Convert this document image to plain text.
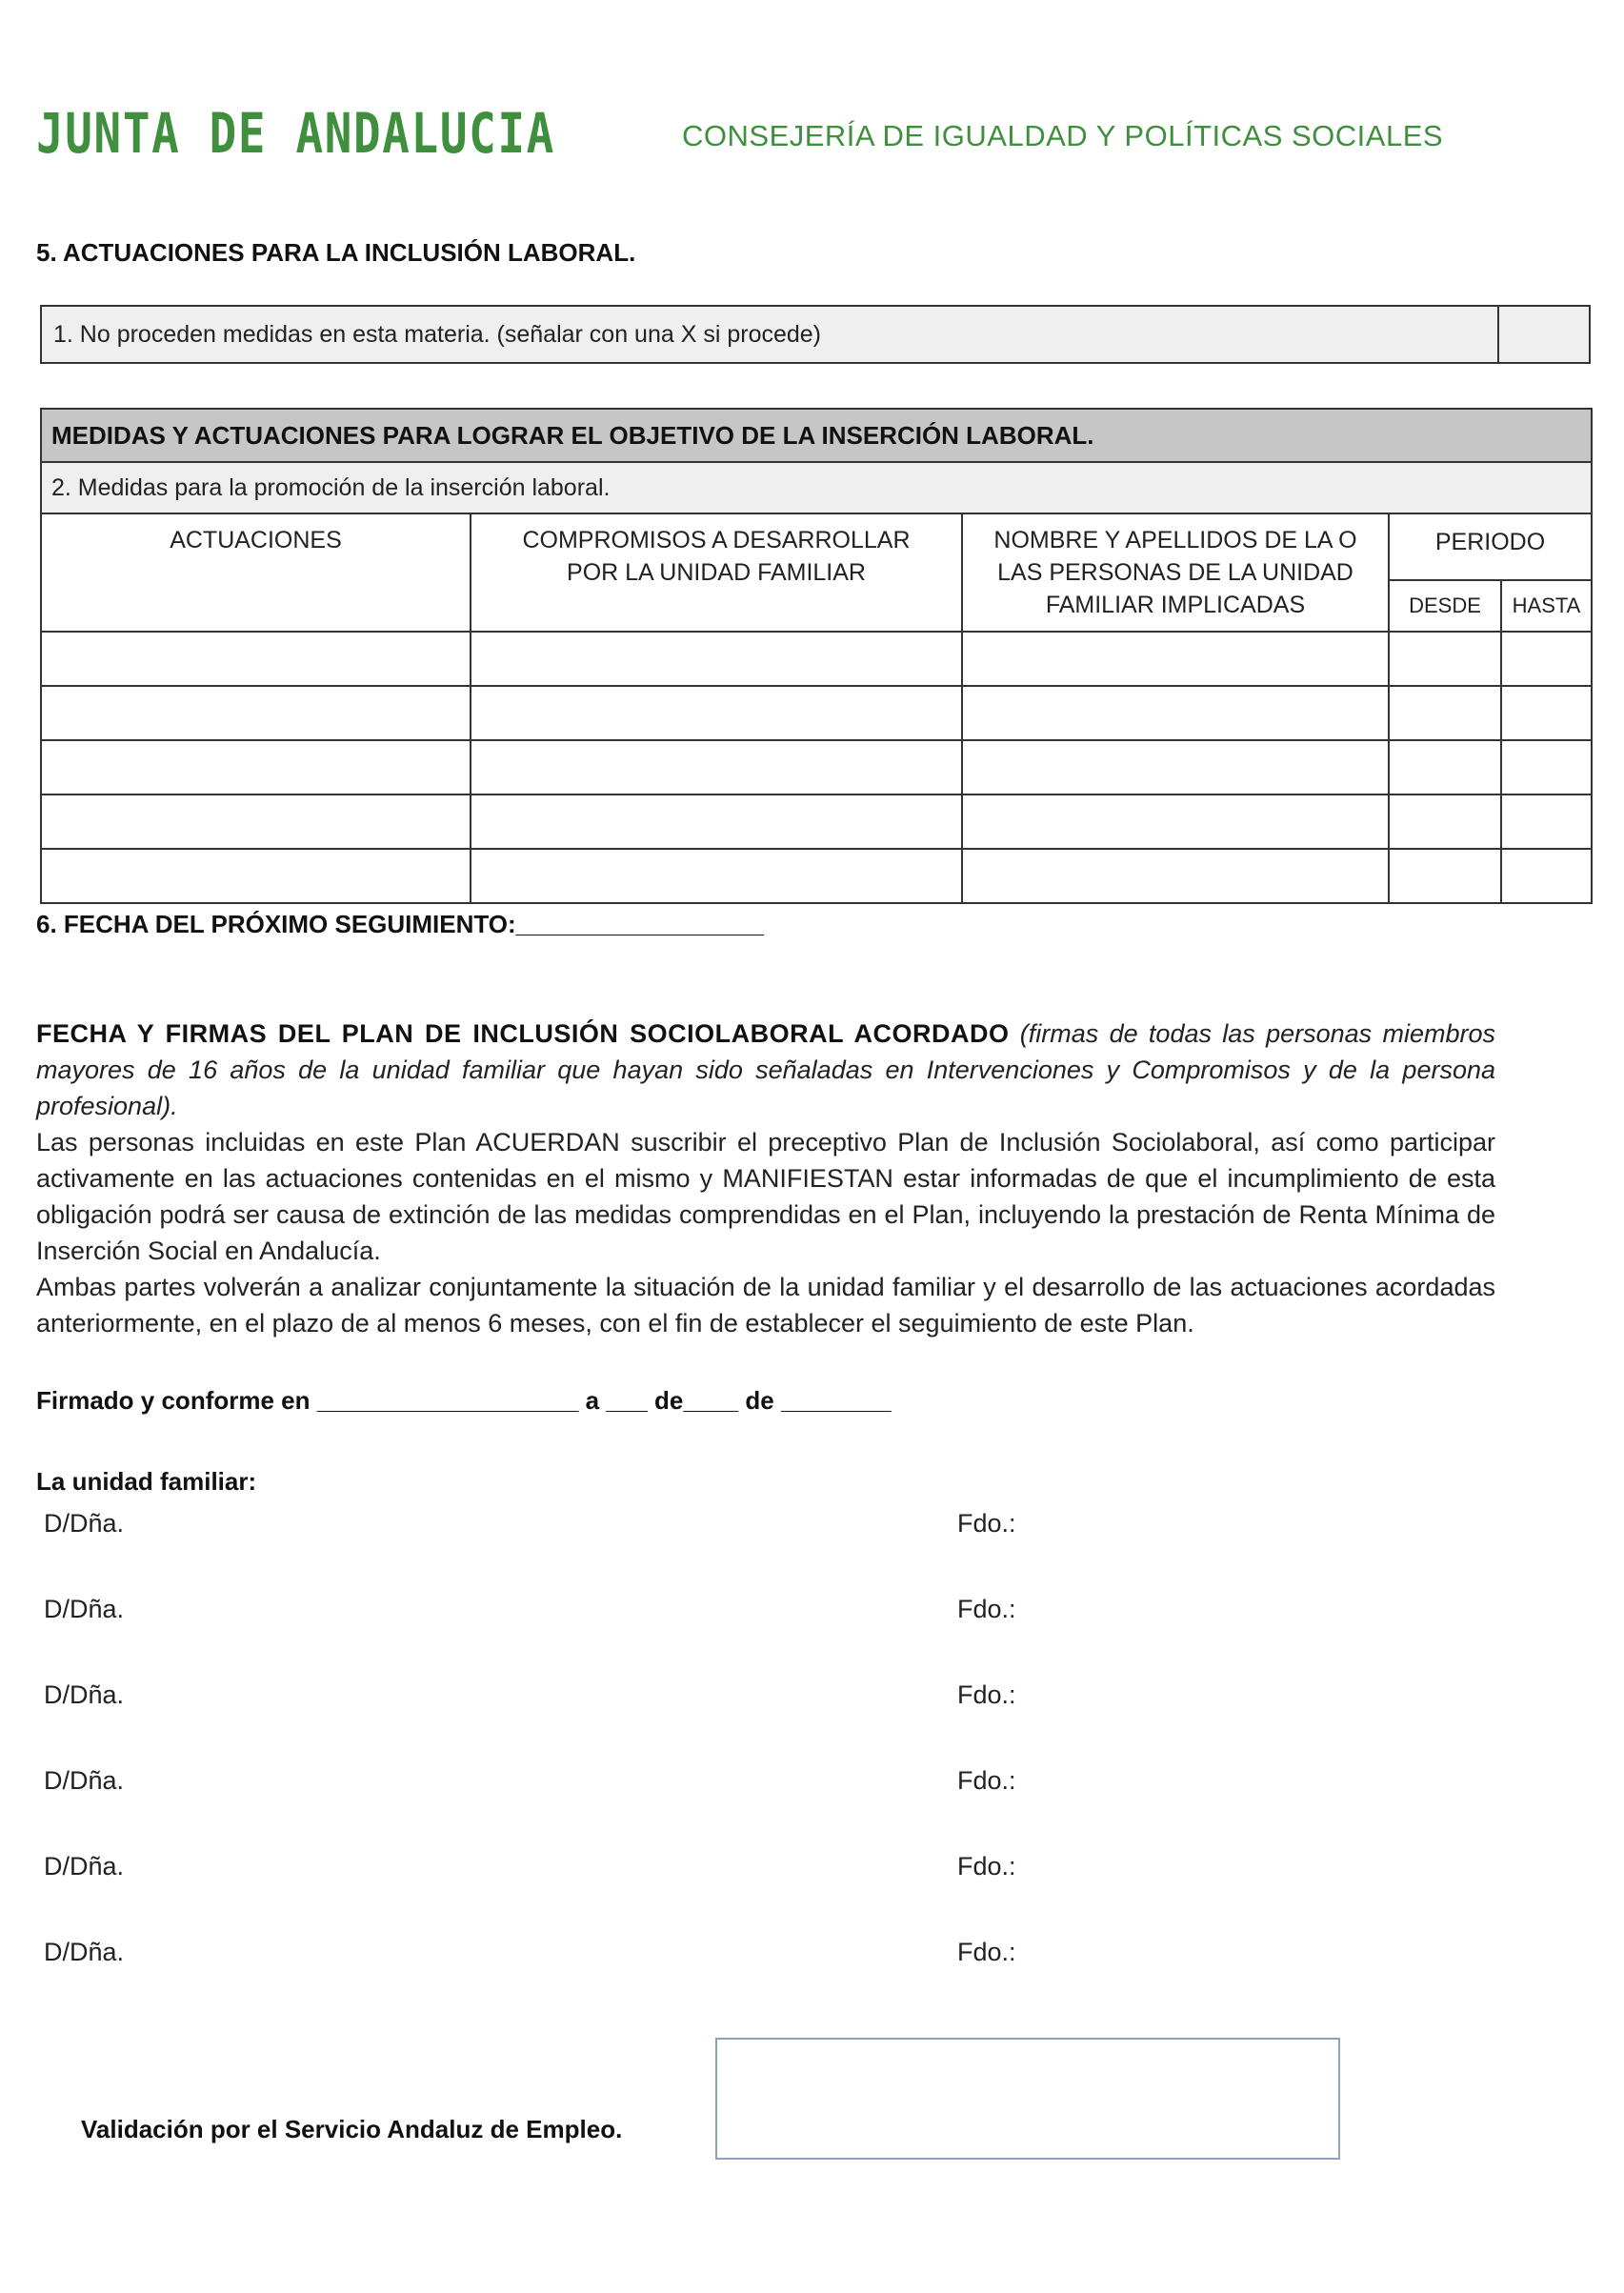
JUNTA DE ANDALUCIA	CONSEJERÍA DE IGUALDAD Y POLÍTICAS SOCIALES
5. ACTUACIONES PARA LA INCLUSIÓN LABORAL.
1. No proceden medidas en esta materia. (señalar con una X si procede)	
MEDIDAS Y ACTUACIONES PARA LOGRAR EL OBJETIVO DE LA INSERCIÓN LABORAL.				
2. Medidas para la promoción de la inserción laboral.				
ACTUACIONES	COMPROMISOS A DESARROLLAR POR LA UNIDAD FAMILIAR	NOMBRE Y APELLIDOS DE LA O LAS PERSONAS DE LA UNIDAD FAMILIAR IMPLICADAS	PERIODO	
			DESDE	HASTA

6. FECHA DEL PRÓXIMO SEGUIMIENTO:__________________
FECHA Y FIRMAS DEL PLAN DE INCLUSIÓN SOCIOLABORAL ACORDADO (firmas de todas las personas miembros mayores de 16 años de la unidad familiar que hayan sido señaladas en Intervenciones y Compromisos y de la persona profesional).
Las personas incluidas en este Plan ACUERDAN suscribir el preceptivo Plan de Inclusión Sociolaboral, así como participar activamente en las actuaciones contenidas en el mismo y MANIFIESTAN estar informadas de que el incumplimiento de esta obligación podrá ser causa de extinción de las medidas comprendidas en el Plan, incluyendo la prestación de Renta Mínima de Inserción Social en Andalucía.
Ambas partes volverán a analizar conjuntamente la situación de la unidad familiar y el desarrollo de las actuaciones acordadas anteriormente, en el plazo de al menos 6 meses, con el fin de establecer el seguimiento de este Plan.
Firmado y conforme en ___________________ a ___ de____ de ________
La unidad familiar:
D/Dña.	Fdo.:
D/Dña.	Fdo.:
D/Dña.	Fdo.:
D/Dña.	Fdo.:
D/Dña.	Fdo.:
D/Dña.	Fdo.:
Validación por el Servicio Andaluz de Empleo.
